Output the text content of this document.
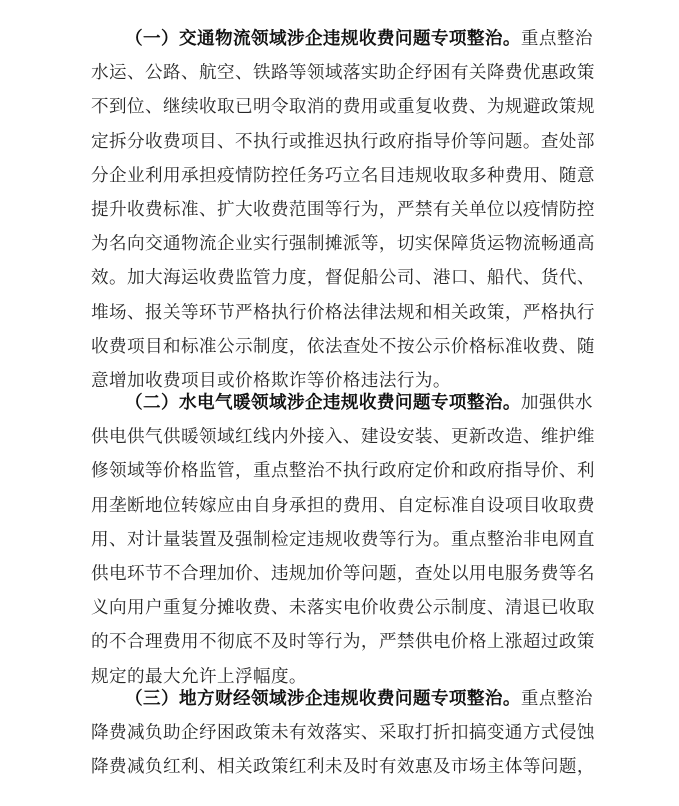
（一）交通物流领域涉企违规收费问题专项整治。重点整治
水运、公路、航空、铁路等领域落实助企纾困有关降费优惠政策
不到位、继续收取已明令取消的费用或重复收费、为规避政策规
定拆分收费项目、不执行或推迟执行政府指导价等问题。查处部
分企业利用承担疫情防控任务巧立名目违规收取多种费用、随意
提升收费标准、扩大收费范围等行为，严禁有关单位以疫情防控
为名向交通物流企业实行强制摊派等，切实保障货运物流畅通高
效。加大海运收费监管力度，督促船公司、港口、船代、货代、
堆场、报关等环节严格执行价格法律法规和相关政策，严格执行
收费项目和标准公示制度，依法查处不按公示价格标准收费、随
意增加收费项目或价格欺诈等价格违法行为。
（二）水电气暖领域涉企违规收费问题专项整治。加强供水
供电供气供暖领域红线内外接入、建设安装、更新改造、维护维
修领域等价格监管，重点整治不执行政府定价和政府指导价、利
用垄断地位转嫁应由自身承担的费用、自定标准自设项目收取费
用、对计量装置及强制检定违规收费等行为。重点整治非电网直
供电环节不合理加价、违规加价等问题，查处以用电服务费等名
义向用户重复分摊收费、未落实电价收费公示制度、清退已收取
的不合理费用不彻底不及时等行为，严禁供电价格上涨超过政策
规定的最大允许上浮幅度。
（三）地方财经领域涉企违规收费问题专项整治。重点整治
降费减负助企纾困政策未有效落实、采取打折扣搞变通方式侵蚀
降费减负红利、相关政策红利未及时有效惠及市场主体等问题，
